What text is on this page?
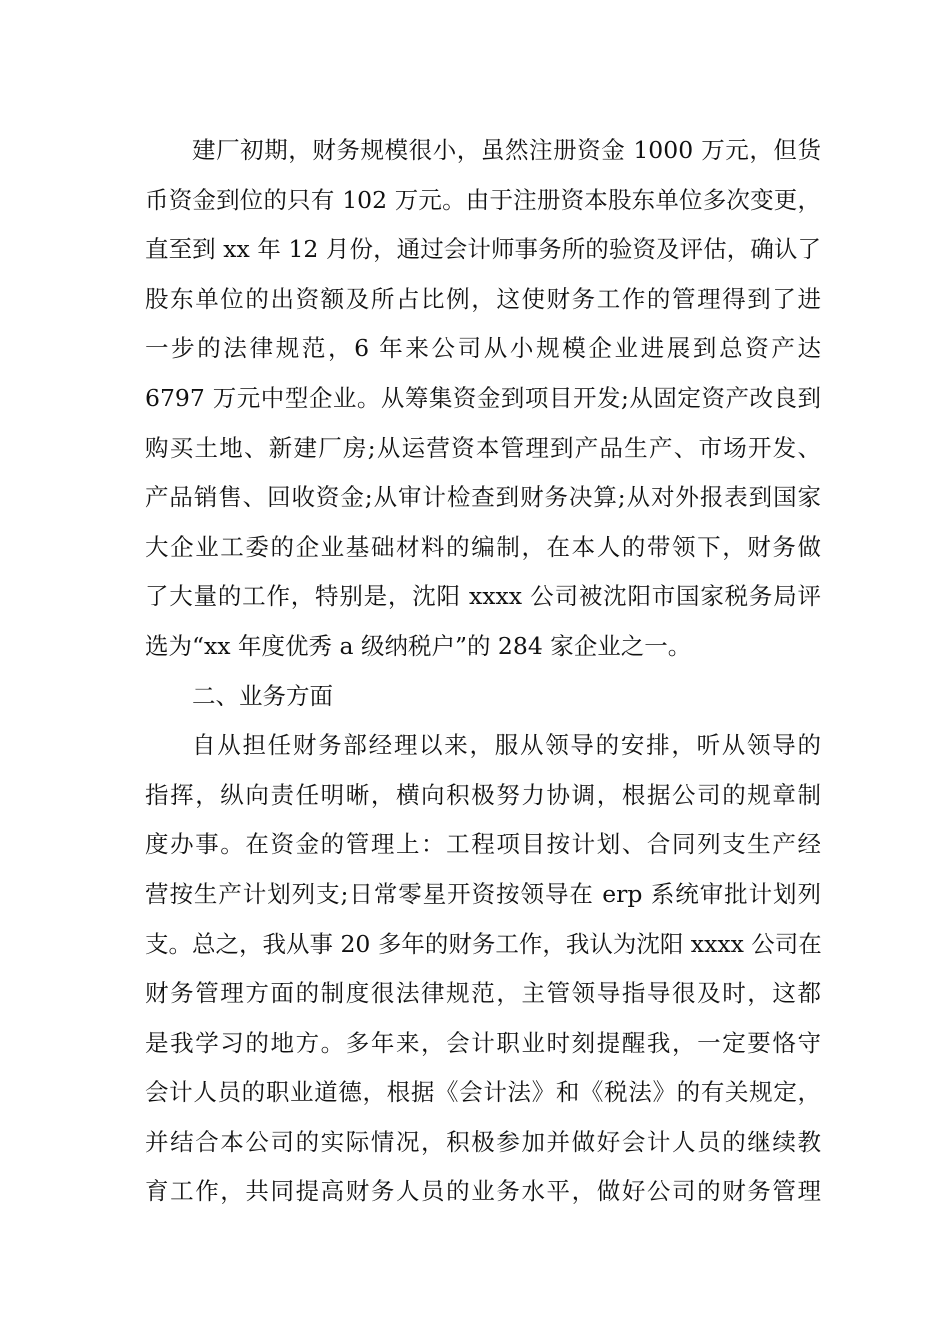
建厂初期，财务规模很小，虽然注册资金 1000 万元，但货
币资金到位的只有 102 万元。由于注册资本股东单位多次变更，
直至到 xx 年 12 月份，通过会计师事务所的验资及评估，确认了
股东单位的出资额及所占比例，这使财务工作的管理得到了进
一步的法律规范，6 年来公司从小规模企业进展到总资产达
6797 万元中型企业。从筹集资金到项目开发;从固定资产改良到
购买土地、新建厂房;从运营资本管理到产品生产、市场开发、
产品销售、回收资金;从审计检查到财务决算;从对外报表到国家
大企业工委的企业基础材料的编制，在本人的带领下，财务做
了大量的工作，特别是，沈阳 xxxx 公司被沈阳市国家税务局评
选为“xx 年度优秀 a 级纳税户”的 284 家企业之一。
二、业务方面
自从担任财务部经理以来，服从领导的安排，听从领导的
指挥，纵向责任明晰，横向积极努力协调，根据公司的规章制
度办事。在资金的管理上：工程项目按计划、合同列支生产经
营按生产计划列支;日常零星开资按领导在 erp 系统审批计划列
支。总之，我从事 20 多年的财务工作，我认为沈阳 xxxx 公司在
财务管理方面的制度很法律规范，主管领导指导很及时，这都
是我学习的地方。多年来，会计职业时刻提醒我，一定要恪守
会计人员的职业道德，根据《会计法》和《税法》的有关规定，
并结合本公司的实际情况，积极参加并做好会计人员的继续教
育工作，共同提高财务人员的业务水平，做好公司的财务管理
